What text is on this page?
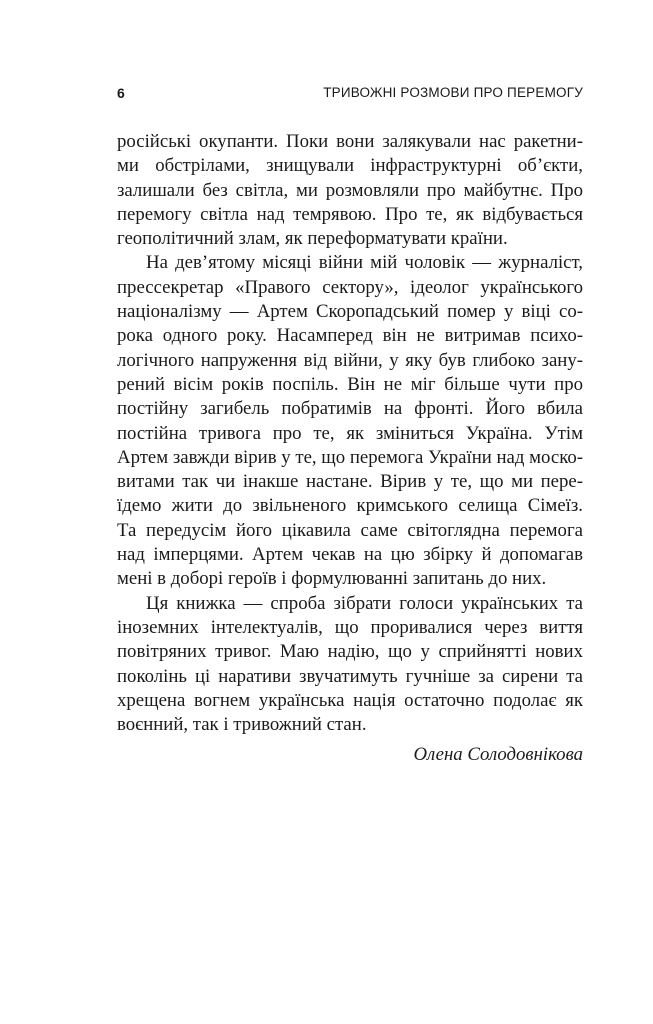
6	ТРИВОЖНІ РОЗМОВИ ПРО ПЕРЕМОГУ
російські окупанти. Поки вони залякували нас ракетни-
ми обстрілами, знищували інфраструктурні об’єкти,
залишали без світла, ми розмовляли про майбутнє. Про
перемогу світла над темрявою. Про те, як відбувається
геополітичний злам, як переформатувати країни.
На дев’ятому місяці війни мій чоловік — журналіст,
прессекретар «Правого сектору», ідеолог українського
націоналізму — Артем Скоропадський помер у віці со-
рока одного року. Насамперед він не витримав психо-
логічного напруження від війни, у яку був глибоко зану-
рений вісім років поспіль. Він не міг більше чути про
постійну загибель побратимів на фронті. Його вбила
постійна тривога про те, як зміниться Україна. Утім
Артем завжди вірив у те, що перемога України над моско-
витами так чи інакше настане. Вірив у те, що ми пере-
їдемо жити до звільненого кримського селища Сімеїз.
Та передусім його цікавила саме світоглядна перемога
над імперцями. Артем чекав на цю збірку й допомагав
мені в доборі героїв і формулюванні запитань до них.
Ця книжка — спроба зібрати голоси українських та
іноземних інтелектуалів, що проривалися через виття
повітряних тривог. Маю надію, що у сприйнятті нових
поколінь ці наративи звучатимуть гучніше за сирени та
хрещена вогнем українська нація остаточно подолає як
воєнний, так і тривожний стан.
Олена Солодовнікова
